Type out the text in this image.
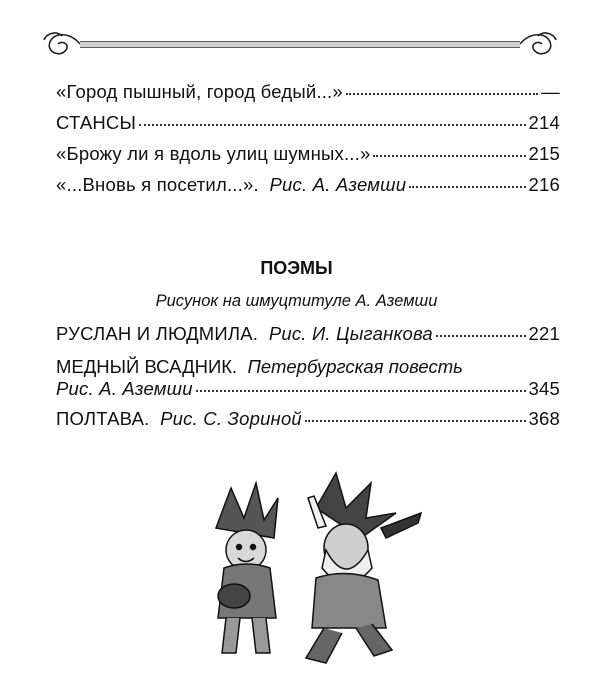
«Город пышный, город бедый...»	—
СТАНСЫ	214
«Брожу ли я вдоль улиц шумных...»	215
«...Вновь я посетил...». Рис. А. Аземши	216
ПОЭМЫ
Рисунок на шмуцтитуле А. Аземши
РУСЛАН И ЛЮДМИЛА. Рис. И. Цыганкова	221
МЕДНЫЙ ВСАДНИК. Петербургская повесть
Рис. А. Аземши	345
ПОЛТАВА. Рис. С. Зориной	368
